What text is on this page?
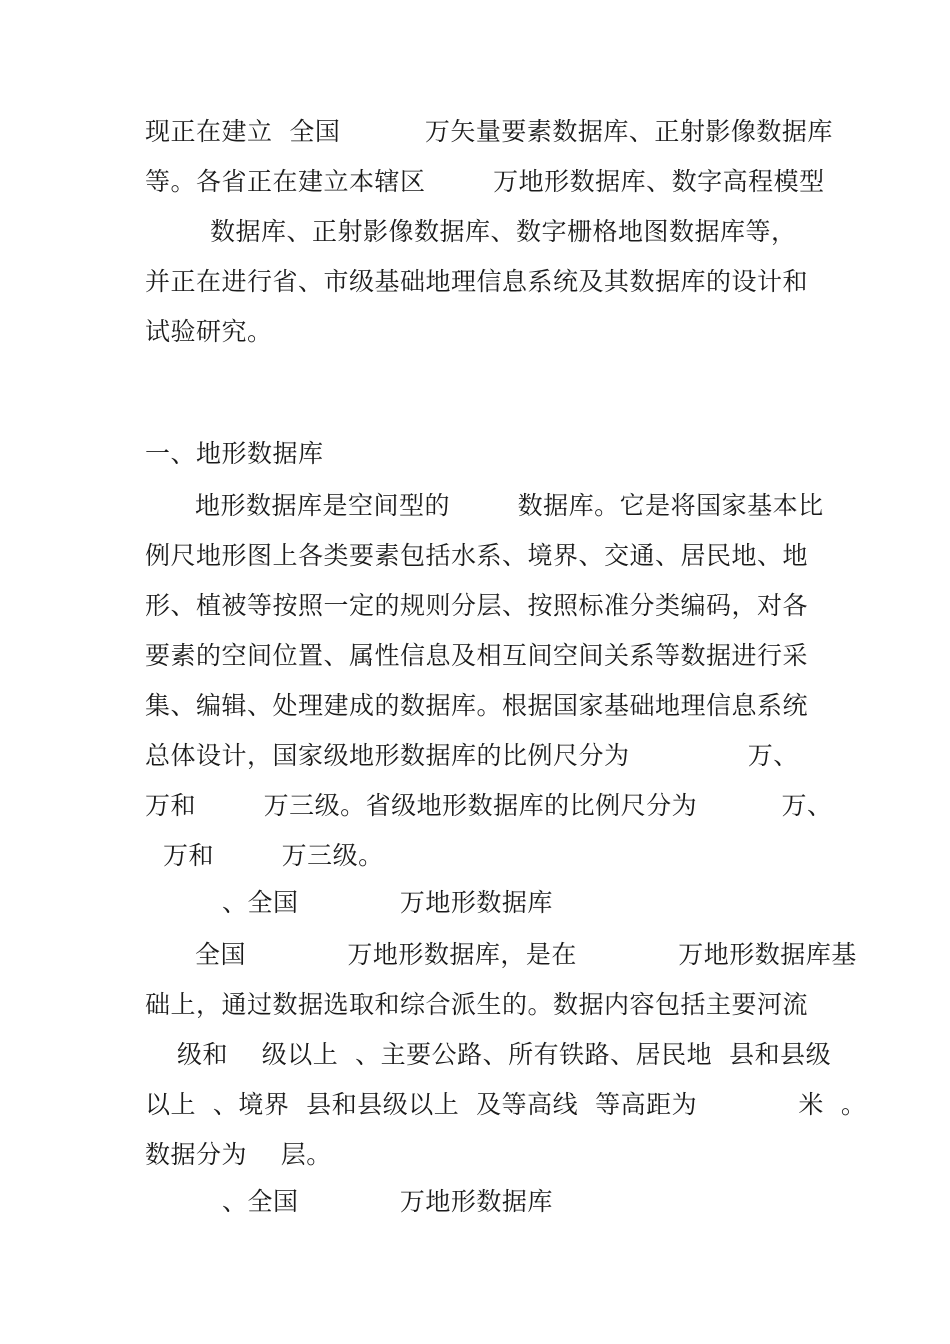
现正在建立  全国          万矢量要素数据库、正射影像数据库
等。各省正在建立本辖区        万地形数据库、数字高程模型
数据库、正射影像数据库、数字栅格地图数据库等，
并正在进行省、市级基础地理信息系统及其数据库的设计和
试验研究。
一、地形数据库
地形数据库是空间型的        数据库。它是将国家基本比
例尺地形图上各类要素包括水系、境界、交通、居民地、地
形、植被等按照一定的规则分层、按照标准分类编码，对各
要素的空间位置、属性信息及相互间空间关系等数据进行采
集、编辑、处理建成的数据库。根据国家基础地理信息系统
总体设计，国家级地形数据库的比例尺分为              万、
万和        万三级。省级地形数据库的比例尺分为          万、
万和        万三级。
、全国            万地形数据库
全国            万地形数据库，是在            万地形数据库基
础上，通过数据选取和综合派生的。数据内容包括主要河流
级和    级以上  、主要公路、所有铁路、居民地  县和县级
以上  、境界  县和县级以上  及等高线  等高距为            米  。
数据分为    层。
、全国            万地形数据库
